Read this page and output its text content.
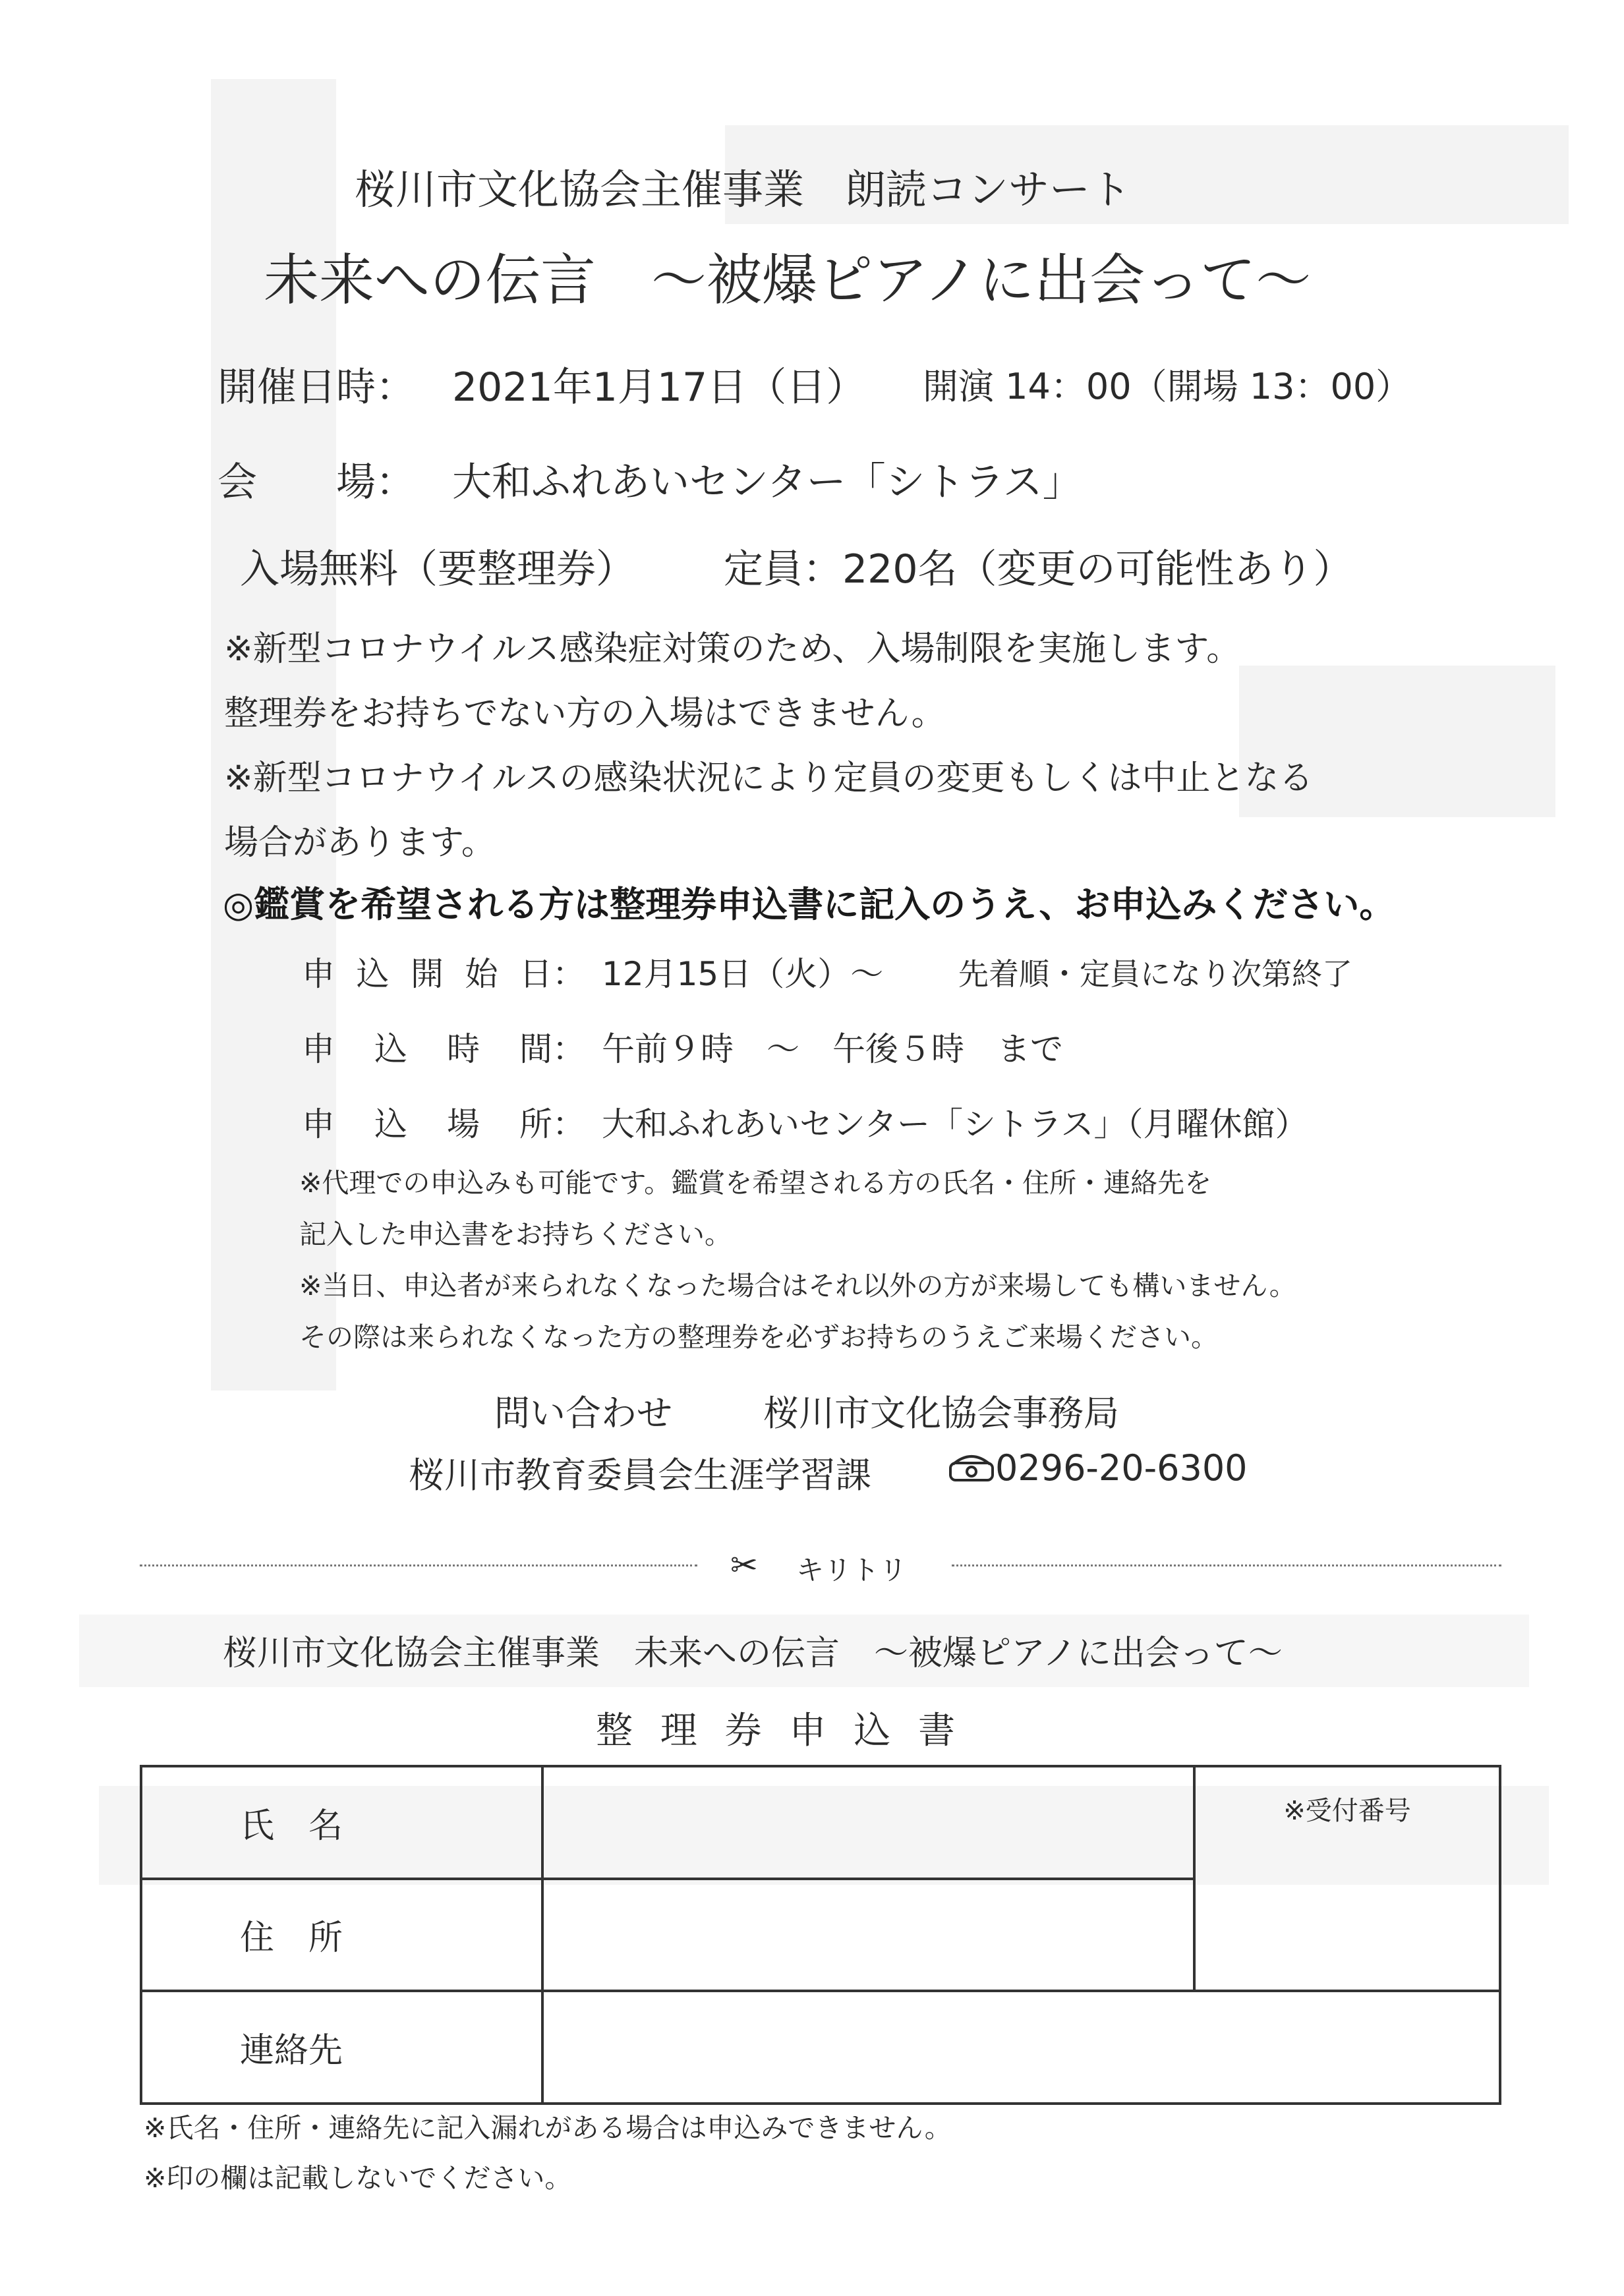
桜川市文化協会主催事業　朗読コンサート
未来への伝言　～被爆ピアノに出会って～
開催日時： 2021年1月17日（日） 開演 14：00（開場 13：00）
会　　場： 大和ふれあいセンター「シトラス」
入場無料（要整理券） 定員：220名（変更の可能性あり）
※新型コロナウイルス感染症対策のため、入場制限を実施します。
整理券をお持ちでない方の入場はできません。
※新型コロナウイルスの感染状況により定員の変更もしくは中止となる
場合があります。
◎鑑賞を希望される方は整理券申込書に記入のうえ、お申込みください。
申込開始日：　12月15日（火）～ 先着順・定員になり次第終了
申込時間：　午前９時　～　午後５時　まで
申込場所：　大和ふれあいセンター「シトラス」（月曜休館）
※代理での申込みも可能です。鑑賞を希望される方の氏名・住所・連絡先を
記入した申込書をお持ちください。
※当日、申込者が来られなくなった場合はそれ以外の方が来場しても構いません。
その際は来られなくなった方の整理券を必ずお持ちのうえご来場ください。
問い合わせ	桜川市文化協会事務局
桜川市教育委員会生涯学習課	0296-20-6300
✂ キリトリ
桜川市文化協会主催事業　未来への伝言　～被爆ピアノに出会って～
整 理 券 申 込 書
氏　名		※受付番号
住　所		
連絡先		
※氏名・住所・連絡先に記入漏れがある場合は申込みできません。
※印の欄は記載しないでください。
